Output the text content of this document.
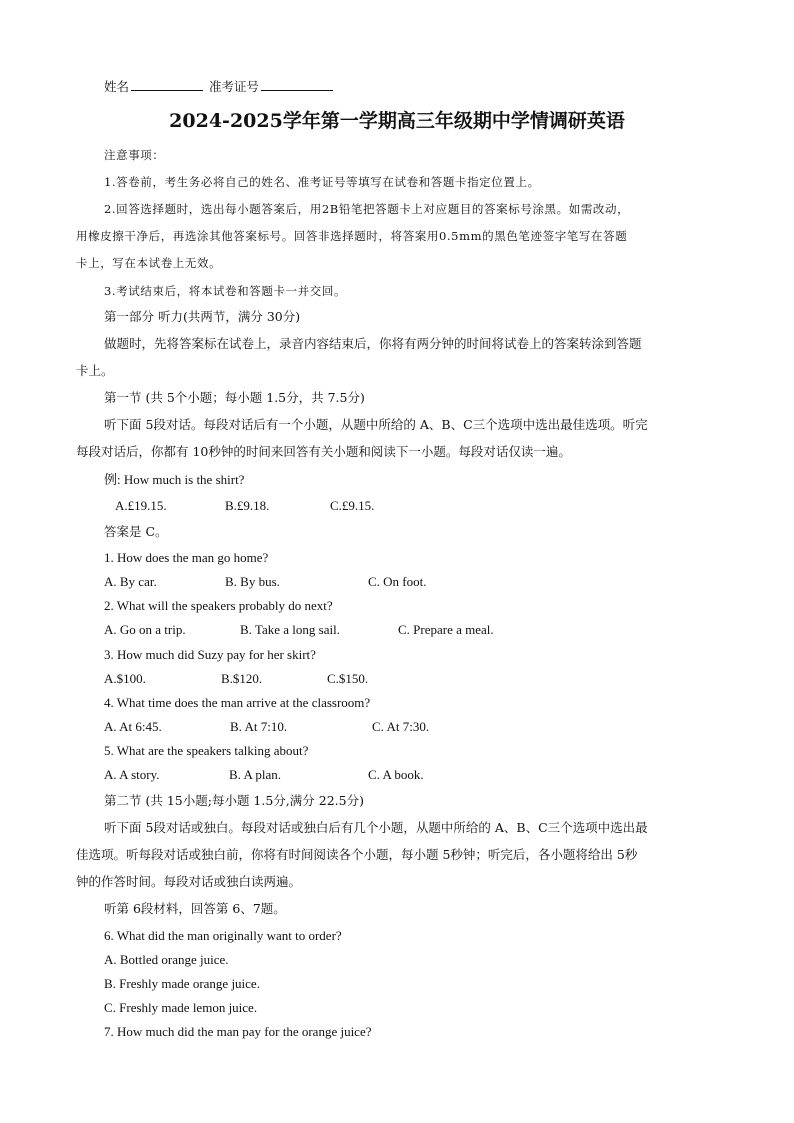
姓名	准考证号
2024-2025学年第一学期高三年级期中学情调研英语
注意事项：
1.答卷前，考生务必将自己的姓名、准考证号等填写在试卷和答题卡指定位置上。
2.回答选择题时，选出每小题答案后，用2B铅笔把答题卡上对应题目的答案标号涂黑。如需改动，
用橡皮擦干净后，再选涂其他答案标号。回答非选择题时，将答案用0.5mm的黑色笔迹签字笔写在答题
卡上，写在本试卷上无效。
3.考试结束后，将本试卷和答题卡一并交回。
第一部分 听力(共两节，满分 30分)
做题时，先将答案标在试卷上，录音内容结束后，你将有两分钟的时间将试卷上的答案转涂到答题
卡上。
第一节 (共 5个小题；每小题 1.5分，共 7.5分)
听下面 5段对话。每段对话后有一个小题，从题中所给的 A、B、C三个选项中选出最佳选项。听完
每段对话后，你都有 10秒钟的时间来回答有关小题和阅读下一小题。每段对话仅读一遍。
例: How much is the shirt?
A.£19.15.	B.£9.18.	C.£9.15.
答案是 C。
1. How does the man go home?
A. By car.	B. By bus.	C. On foot.
2. What will the speakers probably do next?
A. Go on a trip.	B. Take a long sail.	C. Prepare a meal.
3. How much did Suzy pay for her skirt?
A.$100.	B.$120.	C.$150.
4. What time does the man arrive at the classroom?
A. At 6:45.	B. At 7:10.	C. At 7:30.
5. What are the speakers talking about?
A. A story.	B. A plan.	C. A book.
第二节 (共 15小题;每小题 1.5分,满分 22.5分)
听下面 5段对话或独白。每段对话或独白后有几个小题，从题中所给的 A、B、C三个选项中选出最
佳选项。听每段对话或独白前，你将有时间阅读各个小题，每小题 5秒钟；听完后，各小题将给出 5秒
钟的作答时间。每段对话或独白读两遍。
听第 6段材料，回答第 6、7题。
6. What did the man originally want to order?
A. Bottled orange juice.
B. Freshly made orange juice.
C. Freshly made lemon juice.
7. How much did the man pay for the orange juice?
